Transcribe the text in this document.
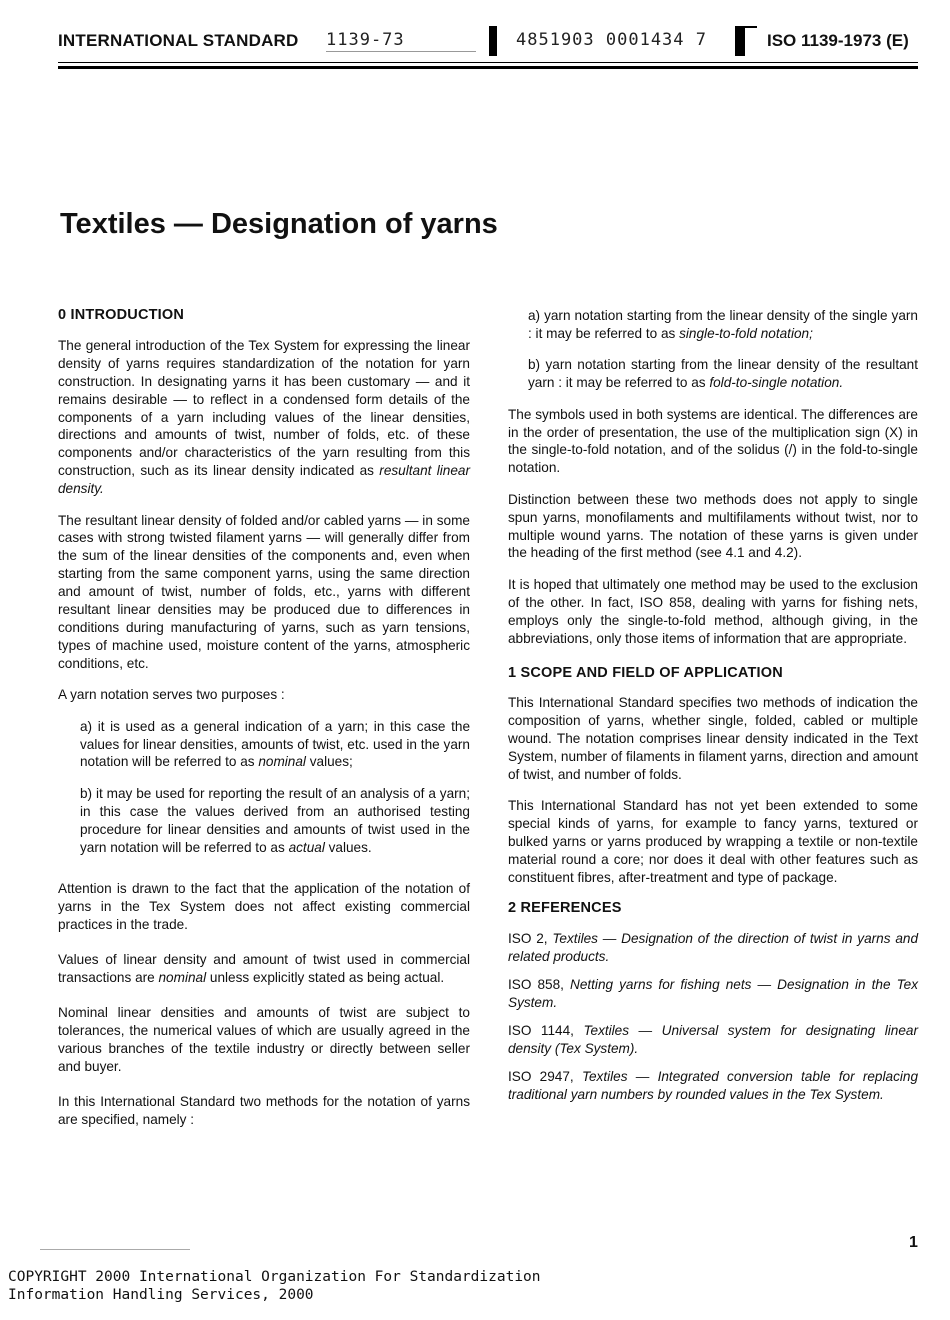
INTERNATIONAL STANDARD 1139-73	4851903 0001434 7	ISO 1139-1973 (E)
Textiles — Designation of yarns
0 INTRODUCTION

The general introduction of the Tex System for expressing the linear density of yarns requires standardization of the notation for yarn construction. In designating yarns it has been customary — and it remains desirable — to reflect in a condensed form details of the components of a yarn including values of the linear densities, directions and amounts of twist, number of folds, etc. of these components and/or characteristics of the yarn resulting from this construction, such as its linear density indicated as resultant linear density.

The resultant linear density of folded and/or cabled yarns — in some cases with strong twisted filament yarns — will generally differ from the sum of the linear densities of the components and, even when starting from the same component yarns, using the same direction and amount of twist, number of folds, etc., yarns with different resultant linear densities may be produced due to differences in conditions during manufacturing of yarns, such as yarn tensions, types of machine used, moisture content of the yarns, atmospheric conditions, etc.

A yarn notation serves two purposes :

a) it is used as a general indication of a yarn; in this case the values for linear densities, amounts of twist, etc. used in the yarn notation will be referred to as nominal values;

b) it may be used for reporting the result of an analysis of a yarn; in this case the values derived from an authorised testing procedure for linear densities and amounts of twist used in the yarn notation will be referred to as actual values.

Attention is drawn to the fact that the application of the notation of yarns in the Tex System does not affect existing commercial practices in the trade.

Values of linear density and amount of twist used in commercial transactions are nominal unless explicitly stated as being actual.

Nominal linear densities and amounts of twist are subject to tolerances, the numerical values of which are usually agreed in the various branches of the textile industry or directly between seller and buyer.

In this International Standard two methods for the notation of yarns are specified, namely :

a) yarn notation starting from the linear density of the single yarn : it may be referred to as single-to-fold notation;

b) yarn notation starting from the linear density of the resultant yarn : it may be referred to as fold-to-single notation.

The symbols used in both systems are identical. The differences are in the order of presentation, the use of the multiplication sign (X) in the single-to-fold notation, and of the solidus (/) in the fold-to-single notation.

Distinction between these two methods does not apply to single spun yarns, monofilaments and multifilaments without twist, nor to multiple wound yarns. The notation of these yarns is given under the heading of the first method (see 4.1 and 4.2).

It is hoped that ultimately one method may be used to the exclusion of the other. In fact, ISO 858, dealing with yarns for fishing nets, employs only the single-to-fold method, although giving, in the abbreviations, only those items of information that are appropriate.

1 SCOPE AND FIELD OF APPLICATION

This International Standard specifies two methods of indication the composition of yarns, whether single, folded, cabled or multiple wound. The notation comprises linear density indicated in the Text System, number of filaments in filament yarns, direction and amount of twist, and number of folds.

This International Standard has not yet been extended to some special kinds of yarns, for example to fancy yarns, textured or bulked yarns or yarns produced by wrapping a textile or non-textile material round a core; nor does it deal with other features such as constituent fibres, after-treatment and type of package.

2 REFERENCES

ISO 2, Textiles — Designation of the direction of twist in yarns and related products.

ISO 858, Netting yarns for fishing nets — Designation in the Tex System.

ISO 1144, Textiles — Universal system for designating linear density (Tex System).

ISO 2947, Textiles — Integrated conversion table for replacing traditional yarn numbers by rounded values in the Tex System.

1
COPYRIGHT 2000 International Organization For Standardization
Information Handling Services, 2000
